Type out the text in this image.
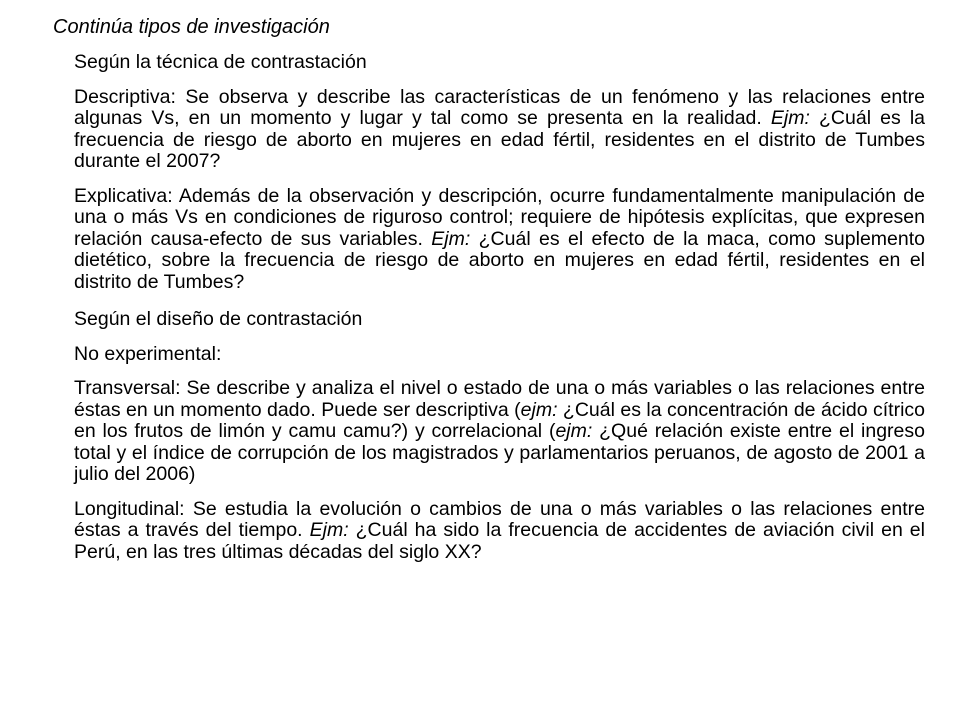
Continúa tipos de investigación

Según la técnica de contrastación

Descriptiva: Se observa y describe las características de un fenómeno y las relaciones entre algunas Vs, en un momento y lugar y tal como se presenta en la realidad. Ejm: ¿Cuál es la frecuencia de riesgo de aborto en mujeres en edad fértil, residentes en el distrito de Tumbes durante el 2007?

Explicativa: Además de la observación y descripción, ocurre fundamentalmente manipulación de una o más Vs en condiciones de riguroso control; requiere de hipótesis explícitas, que expresen relación causa-efecto de sus variables. Ejm: ¿Cuál es el efecto de la maca, como suplemento dietético, sobre la frecuencia de riesgo de aborto en mujeres en edad fértil, residentes en el distrito de Tumbes?

Según el diseño de contrastación

No experimental:

Transversal: Se describe y analiza el nivel o estado de una o más variables o las relaciones entre éstas en un momento dado. Puede ser descriptiva (ejm: ¿Cuál es la concentración de ácido cítrico en los frutos de limón y camu camu?) y correlacional (ejm: ¿Qué relación existe entre el ingreso total y el índice de corrupción de los magistrados y parlamentarios peruanos, de agosto de 2001 a julio del 2006)

Longitudinal: Se estudia la evolución o cambios de una o más variables o las relaciones entre éstas a través del tiempo. Ejm: ¿Cuál ha sido la frecuencia de accidentes de aviación civil en el Perú, en las tres últimas décadas del siglo XX?
